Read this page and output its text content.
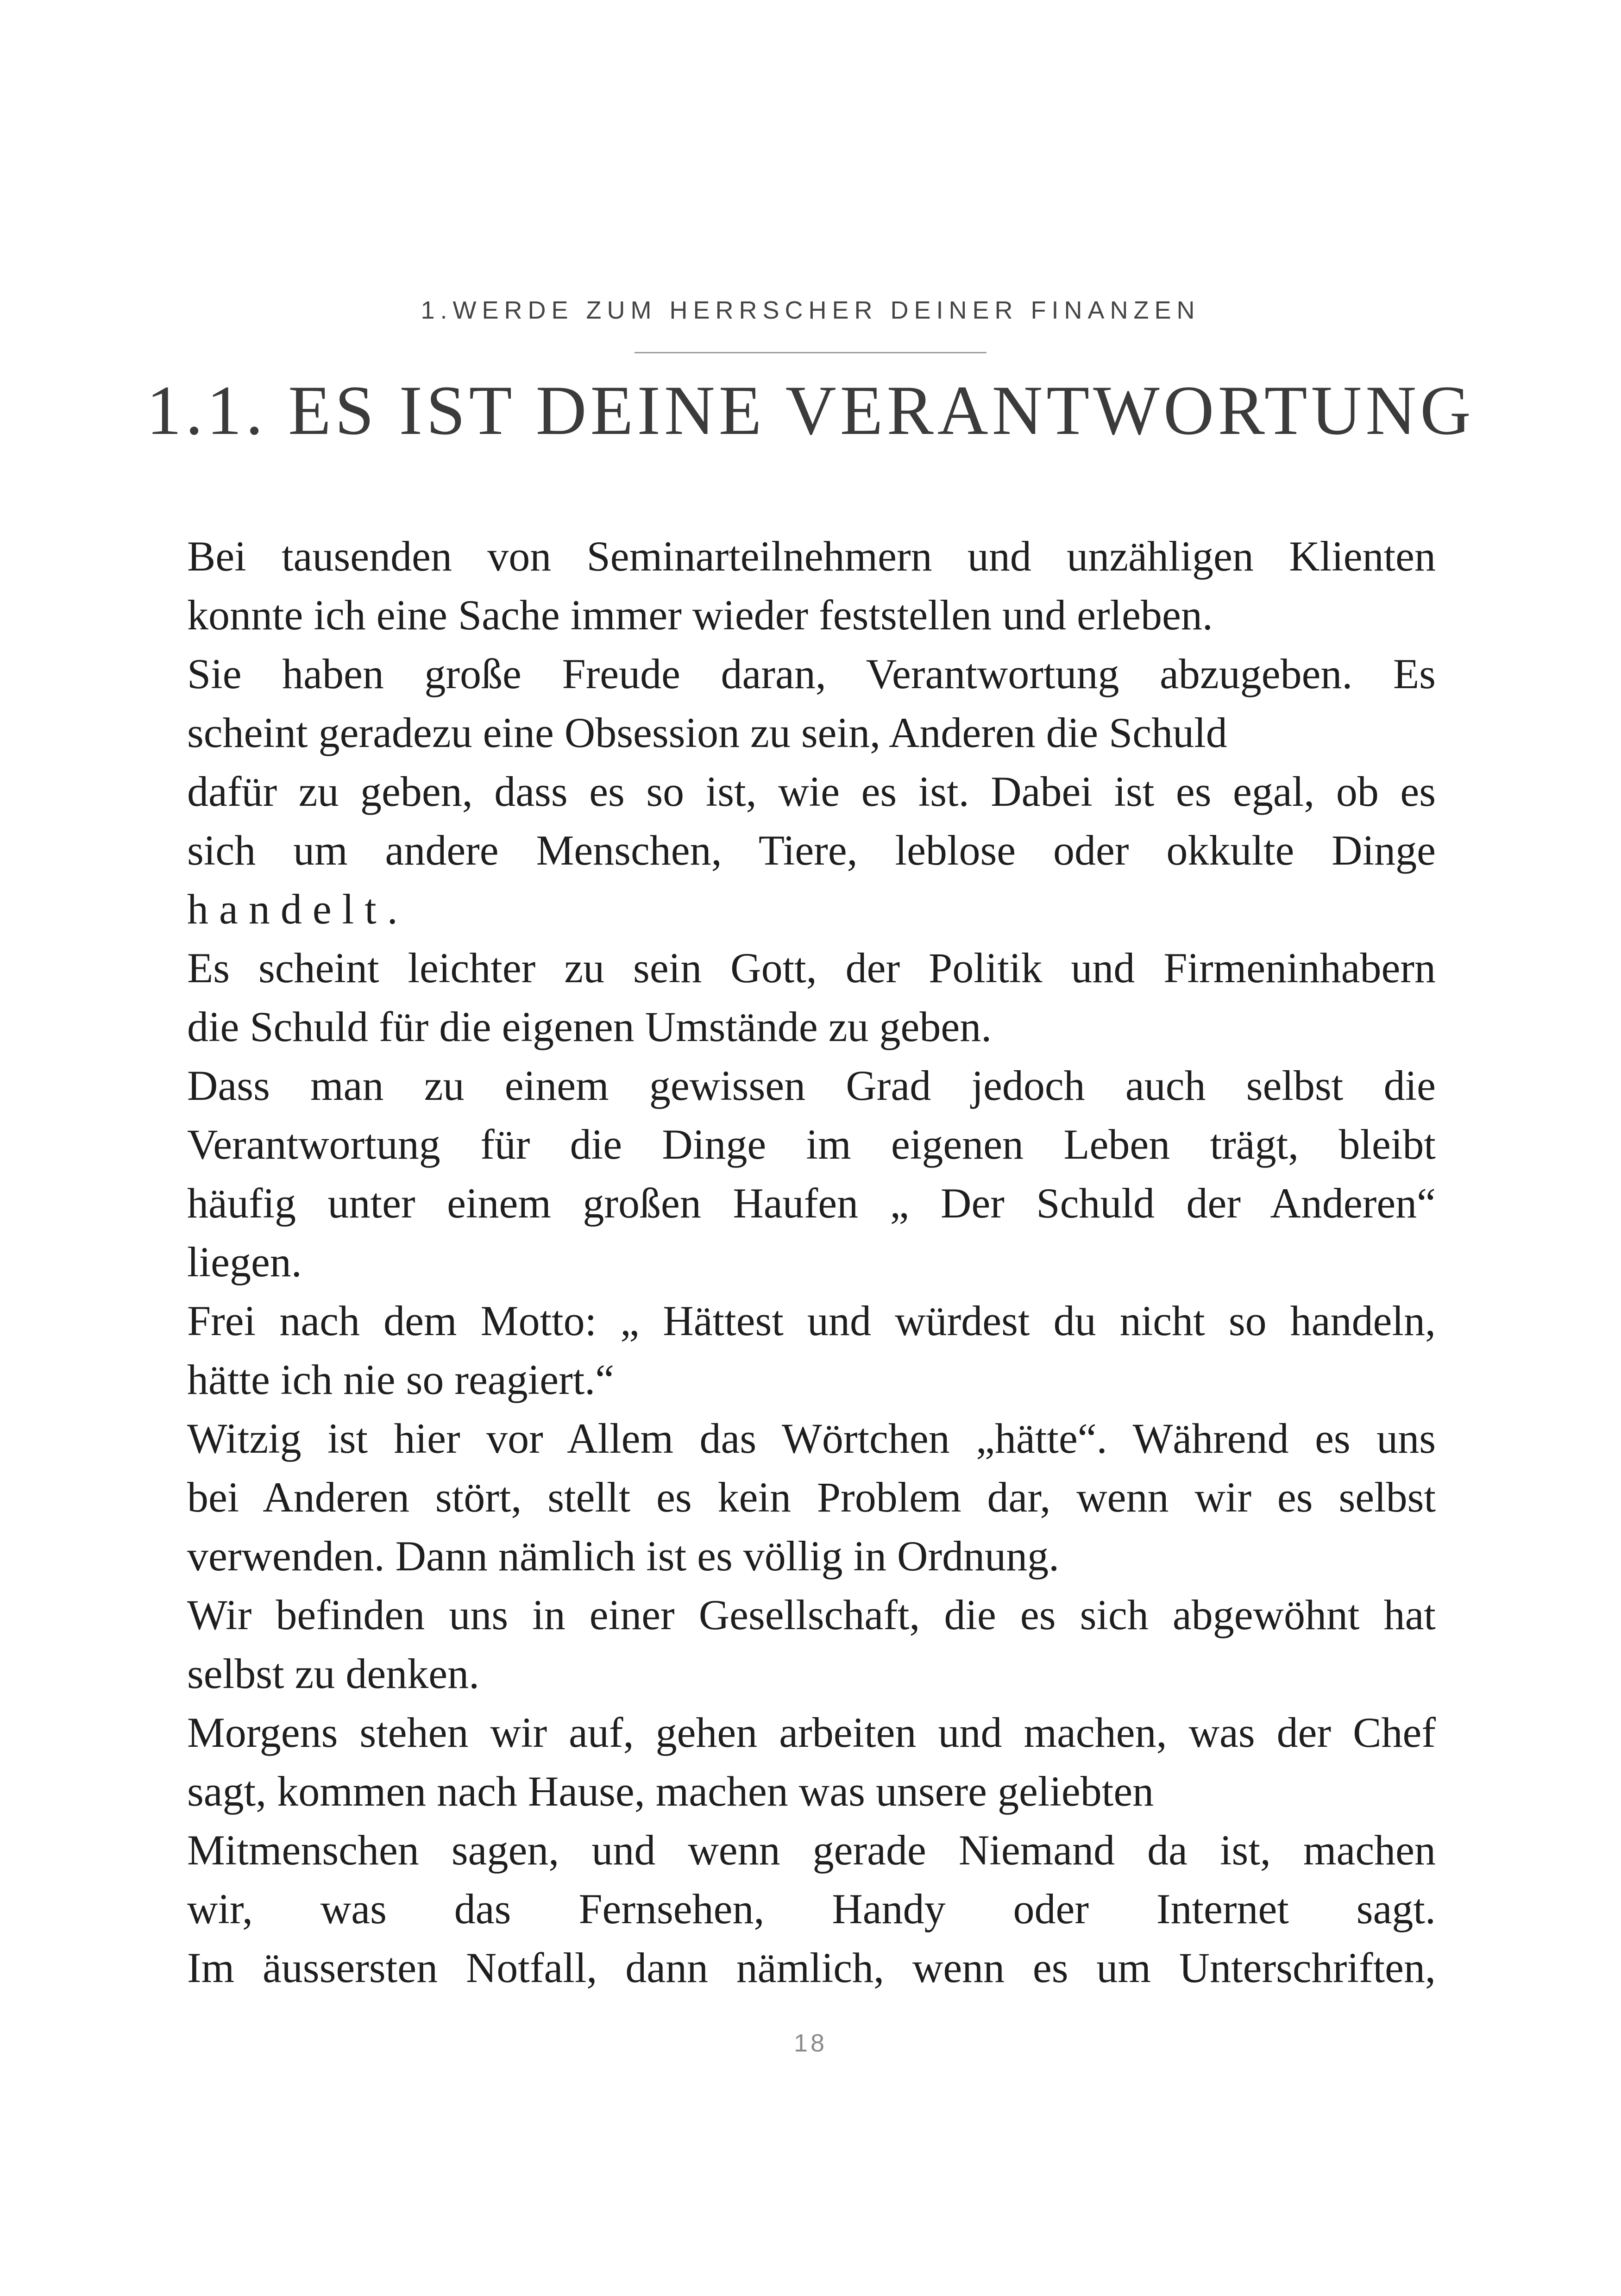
1.WERDE ZUM HERRSCHER DEINER FINANZEN
1.1. ES IST DEINE VERANTWORTUNG
Bei tausenden von Seminarteilnehmern und unzähligen Klienten
konnte ich eine Sache immer wieder feststellen und erleben.
Sie haben große Freude daran, Verantwortung abzugeben. Es
scheint geradezu eine Obsession zu sein, Anderen die Schuld
dafür zu geben, dass es so ist, wie es ist. Dabei ist es egal, ob es
sich um andere Menschen, Tiere, leblose oder okkulte Dinge
h a n d e l t .
Es scheint leichter zu sein Gott, der Politik und Firmeninhabern
die Schuld für die eigenen Umstände zu geben.
Dass man zu einem gewissen Grad jedoch auch selbst die
Verantwortung für die Dinge im eigenen Leben trägt, bleibt
häufig unter einem großen Haufen „ Der Schuld der Anderen“
liegen.
Frei nach dem Motto: „ Hättest und würdest du nicht so handeln,
hätte ich nie so reagiert.“
Witzig ist hier vor Allem das Wörtchen „hätte“. Während es uns
bei Anderen stört, stellt es kein Problem dar, wenn wir es selbst
verwenden. Dann nämlich ist es völlig in Ordnung.
Wir befinden uns in einer Gesellschaft, die es sich abgewöhnt hat
selbst zu denken.
Morgens stehen wir auf, gehen arbeiten und machen, was der Chef
sagt, kommen nach Hause, machen was unsere geliebten
Mitmenschen sagen, und wenn gerade Niemand da ist, machen
wir, was das Fernsehen, Handy oder Internet sagt.
Im äussersten Notfall, dann nämlich, wenn es um Unterschriften,
18
